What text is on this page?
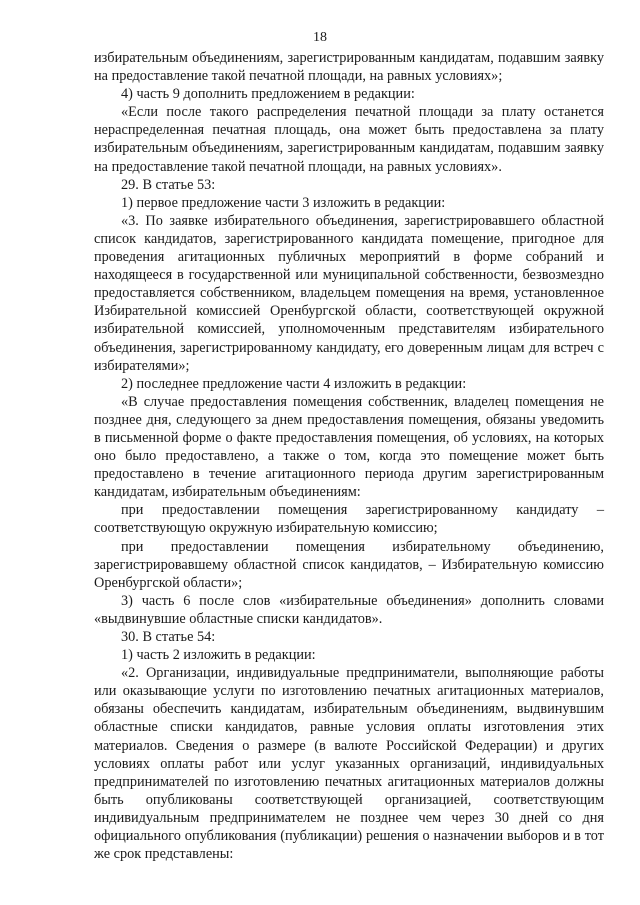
18

избирательным объединениям, зарегистрированным кандидатам, подавшим заявку на предоставление такой печатной площади, на равных условиях»;

4) часть 9 дополнить предложением в редакции:

«Если после такого распределения печатной площади за плату останется нераспределенная печатная площадь, она может быть предоставлена за плату избирательным объединениям, зарегистрированным кандидатам, подавшим заявку на предоставление такой печатной площади, на равных условиях».

29. В статье 53:

1) первое предложение части 3 изложить в редакции:

«3. По заявке избирательного объединения, зарегистрировавшего областной список кандидатов, зарегистрированного кандидата помещение, пригодное для проведения агитационных публичных мероприятий в форме собраний и находящееся в государственной или муниципальной собственности, безвозмездно предоставляется собственником, владельцем помещения на время, установленное Избирательной комиссией Оренбургской области, соответствующей окружной избирательной комиссией, уполномоченным представителям избирательного объединения, зарегистрированному кандидату, его доверенным лицам для встреч с избирателями»;

2) последнее предложение части 4 изложить в редакции:

«В случае предоставления помещения собственник, владелец помещения не позднее дня, следующего за днем предоставления помещения, обязаны уведомить в письменной форме о факте предоставления помещения, об условиях, на которых оно было предоставлено, а также о том, когда это помещение может быть предоставлено в течение агитационного периода другим зарегистрированным кандидатам, избирательным объединениям:

при предоставлении помещения зарегистрированному кандидату – соответствующую окружную избирательную комиссию;

при предоставлении помещения избирательному объединению, зарегистрировавшему областной список кандидатов, – Избирательную комиссию Оренбургской области»;

3) часть 6 после слов «избирательные объединения» дополнить словами «выдвинувшие областные списки кандидатов».

30. В статье 54:

1) часть 2 изложить в редакции:

«2. Организации, индивидуальные предприниматели, выполняющие работы или оказывающие услуги по изготовлению печатных агитационных материалов, обязаны обеспечить кандидатам, избирательным объединениям, выдвинувшим областные списки кандидатов, равные условия оплаты изготовления этих материалов. Сведения о размере (в валюте Российской Федерации) и других условиях оплаты работ или услуг указанных организаций, индивидуальных предпринимателей по изготовлению печатных агитационных материалов должны быть опубликованы соответствующей организацией, соответствующим индивидуальным предпринимателем не позднее чем через 30 дней со дня официального опубликования (публикации) решения о назначении выборов и в тот же срок представлены:
